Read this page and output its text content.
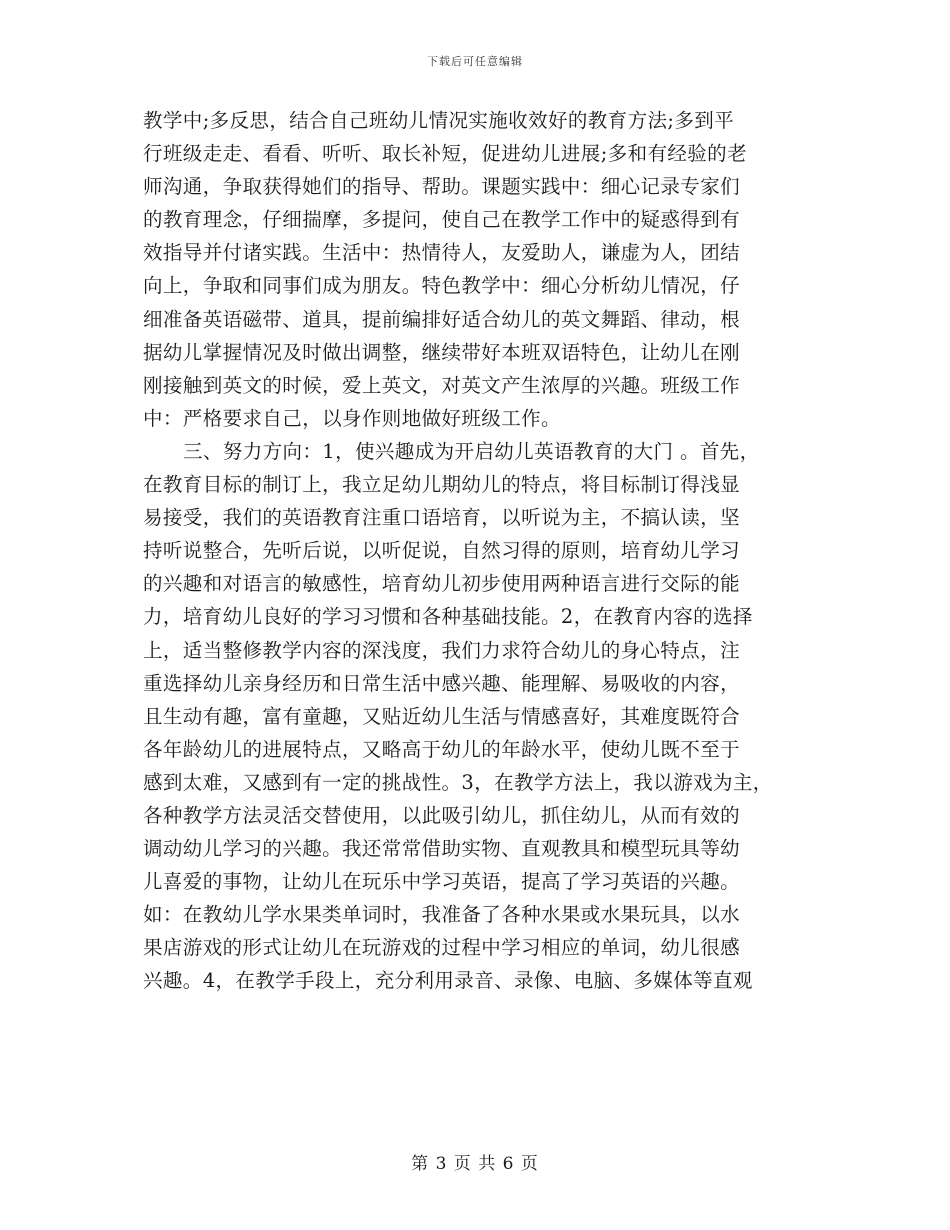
下载后可任意编辑
教学中;多反思，结合自己班幼儿情况实施收效好的教育方法;多到平
行班级走走、看看、听听、取长补短，促进幼儿进展;多和有经验的老
师沟通，争取获得她们的指导、帮助。课题实践中：细心记录专家们
的教育理念，仔细揣摩，多提问，使自己在教学工作中的疑惑得到有
效指导并付诸实践。生活中：热情待人，友爱助人，谦虚为人，团结
向上，争取和同事们成为朋友。特色教学中：细心分析幼儿情况，仔
细准备英语磁带、道具，提前编排好适合幼儿的英文舞蹈、律动，根
据幼儿掌握情况及时做出调整，继续带好本班双语特色，让幼儿在刚
刚接触到英文的时候，爱上英文，对英文产生浓厚的兴趣。班级工作
中：严格要求自己，以身作则地做好班级工作。
三、努力方向：1，使兴趣成为开启幼儿英语教育的大门 。首先，
在教育目标的制订上，我立足幼儿期幼儿的特点，将目标制订得浅显
易接受，我们的英语教育注重口语培育，以听说为主，不搞认读，坚
持听说整合，先听后说，以听促说，自然习得的原则，培育幼儿学习
的兴趣和对语言的敏感性，培育幼儿初步使用两种语言进行交际的能
力，培育幼儿良好的学习习惯和各种基础技能。2，在教育内容的选择
上，适当整修教学内容的深浅度，我们力求符合幼儿的身心特点，注
重选择幼儿亲身经历和日常生活中感兴趣、能理解、易吸收的内容，
且生动有趣，富有童趣，又贴近幼儿生活与情感喜好，其难度既符合
各年龄幼儿的进展特点，又略高于幼儿的年龄水平，使幼儿既不至于
感到太难，又感到有一定的挑战性。3，在教学方法上，我以游戏为主，
各种教学方法灵活交替使用，以此吸引幼儿，抓住幼儿，从而有效的
调动幼儿学习的兴趣。我还常常借助实物、直观教具和模型玩具等幼
儿喜爱的事物，让幼儿在玩乐中学习英语，提高了学习英语的兴趣。
如：在教幼儿学水果类单词时，我准备了各种水果或水果玩具，以水
果店游戏的形式让幼儿在玩游戏的过程中学习相应的单词，幼儿很感
兴趣。4，在教学手段上，充分利用录音、录像、电脑、多媒体等直观
第 3 页 共 6 页
